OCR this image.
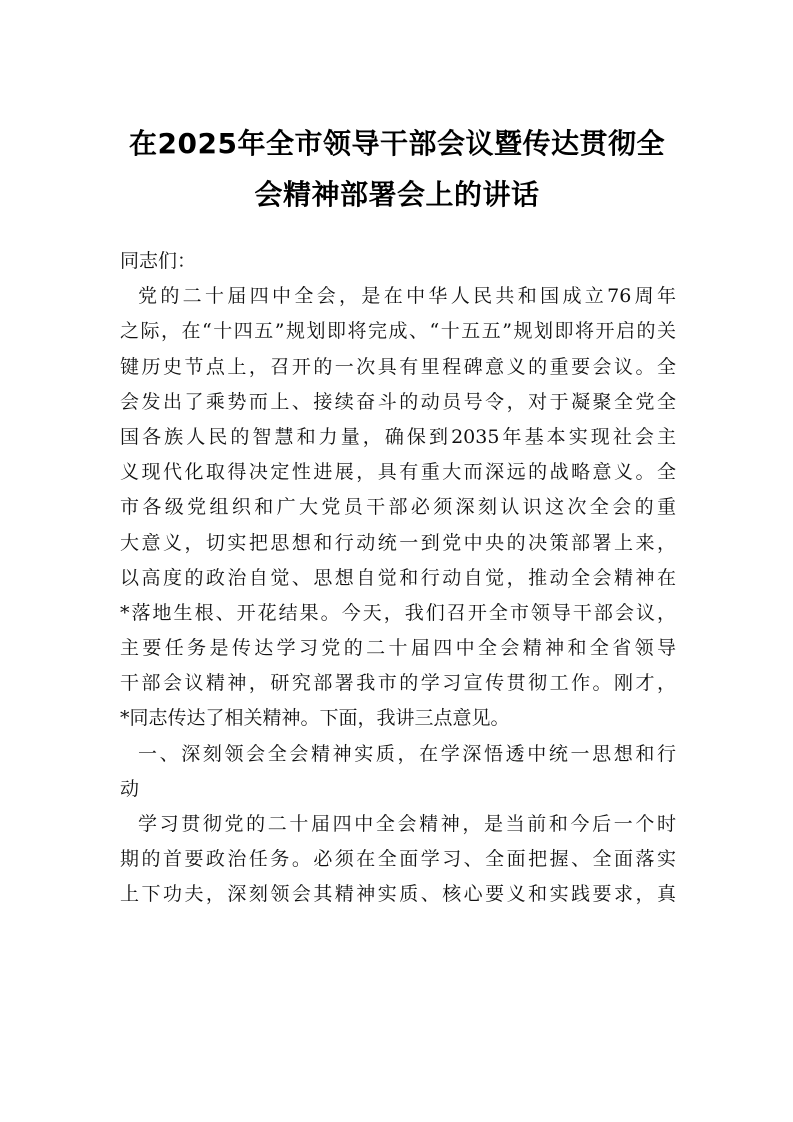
在2025年全市领导干部会议暨传达贯彻全
会精神部署会上的讲话
同志们：
党的二十届四中全会，是在中华人民共和国成立76周年
之际，在“十四五”规划即将完成、“十五五”规划即将开启的关
键历史节点上，召开的一次具有里程碑意义的重要会议。全
会发出了乘势而上、接续奋斗的动员号令，对于凝聚全党全
国各族人民的智慧和力量，确保到2035年基本实现社会主
义现代化取得决定性进展，具有重大而深远的战略意义。全
市各级党组织和广大党员干部必须深刻认识这次全会的重
大意义，切实把思想和行动统一到党中央的决策部署上来，
以高度的政治自觉、思想自觉和行动自觉，推动全会精神在
*落地生根、开花结果。今天，我们召开全市领导干部会议，
主要任务是传达学习党的二十届四中全会精神和全省领导
干部会议精神，研究部署我市的学习宣传贯彻工作。刚才，
*同志传达了相关精神。下面，我讲三点意见。
一、深刻领会全会精神实质，在学深悟透中统一思想和行
动
学习贯彻党的二十届四中全会精神，是当前和今后一个时
期的首要政治任务。必须在全面学习、全面把握、全面落实
上下功夫，深刻领会其精神实质、核心要义和实践要求，真
